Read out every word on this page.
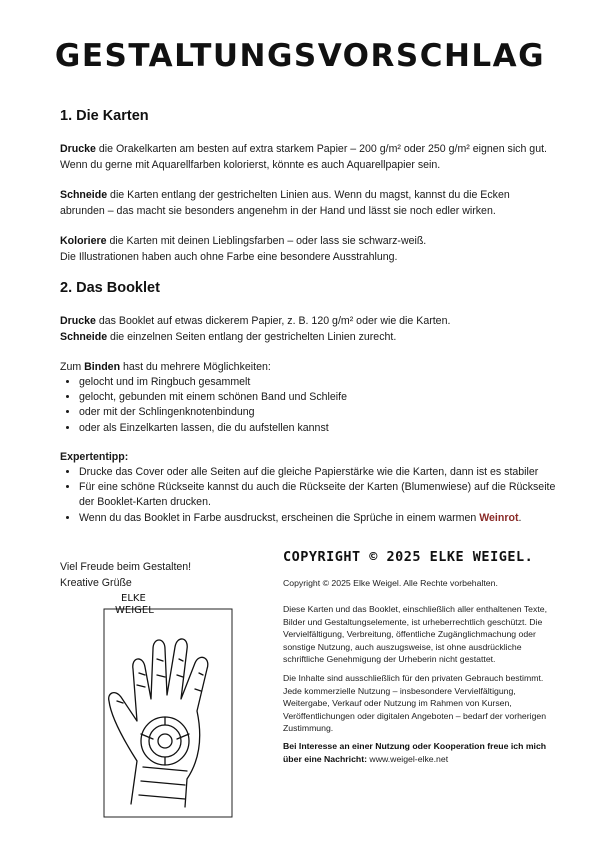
GESTALTUNGSVORSCHLAG
1. Die Karten
Drucke die Orakelkarten am besten auf extra starkem Papier – 200 g/m² oder 250 g/m² eignen sich gut. Wenn du gerne mit Aquarellfarben kolorierst, könnte es auch Aquarellpapier sein.
Schneide die Karten entlang der gestrichelten Linien aus. Wenn du magst, kannst du die Ecken abrunden – das macht sie besonders angenehm in der Hand und lässt sie noch edler wirken.
Koloriere die Karten mit deinen Lieblingsfarben – oder lass sie schwarz-weiß.
Die Illustrationen haben auch ohne Farbe eine besondere Ausstrahlung.
2. Das Booklet
Drucke das Booklet auf etwas dickerem Papier, z. B. 120 g/m² oder wie die Karten.
Schneide die einzelnen Seiten entlang der gestrichelten Linien zurecht.
Zum Binden hast du mehrere Möglichkeiten:
• gelocht und im Ringbuch gesammelt
• gelocht, gebunden mit einem schönen Band und Schleife
• oder mit der Schlingenknotenbindung
• oder als Einzelkarten lassen, die du aufstellen kannst
Expertentipp:
• Drucke das Cover oder alle Seiten auf die gleiche Papierstärke wie die Karten, dann ist es stabiler
• Für eine schöne Rückseite kannst du auch die Rückseite der Karten (Blumenwiese) auf die Rückseite der Booklet-Karten drucken.
• Wenn du das Booklet in Farbe ausdruckst, erscheinen die Sprüche in einem warmen Weinrot.
Viel Freude beim Gestalten!
Kreative Grüße
ELKE
WEIGEL
COPYRIGHT © 2025 ELKE WEIGEL.
Copyright © 2025 Elke Weigel. Alle Rechte vorbehalten.
Diese Karten und das Booklet, einschließlich aller enthaltenen Texte, Bilder und Gestaltungselemente, ist urheberrechtlich geschützt. Die Vervielfältigung, Verbreitung, öffentliche Zugänglichmachung oder sonstige Nutzung, auch auszugsweise, ist ohne ausdrückliche schriftliche Genehmigung der Urheberin nicht gestattet.
Die Inhalte sind ausschließlich für den privaten Gebrauch bestimmt. Jede kommerzielle Nutzung – insbesondere Vervielfältigung, Weitergabe, Verkauf oder Nutzung im Rahmen von Kursen, Veröffentlichungen oder digitalen Angeboten – bedarf der vorherigen Zustimmung.
Bei Interesse an einer Nutzung oder Kooperation freue ich mich über eine Nachricht: www.weigel-elke.net
